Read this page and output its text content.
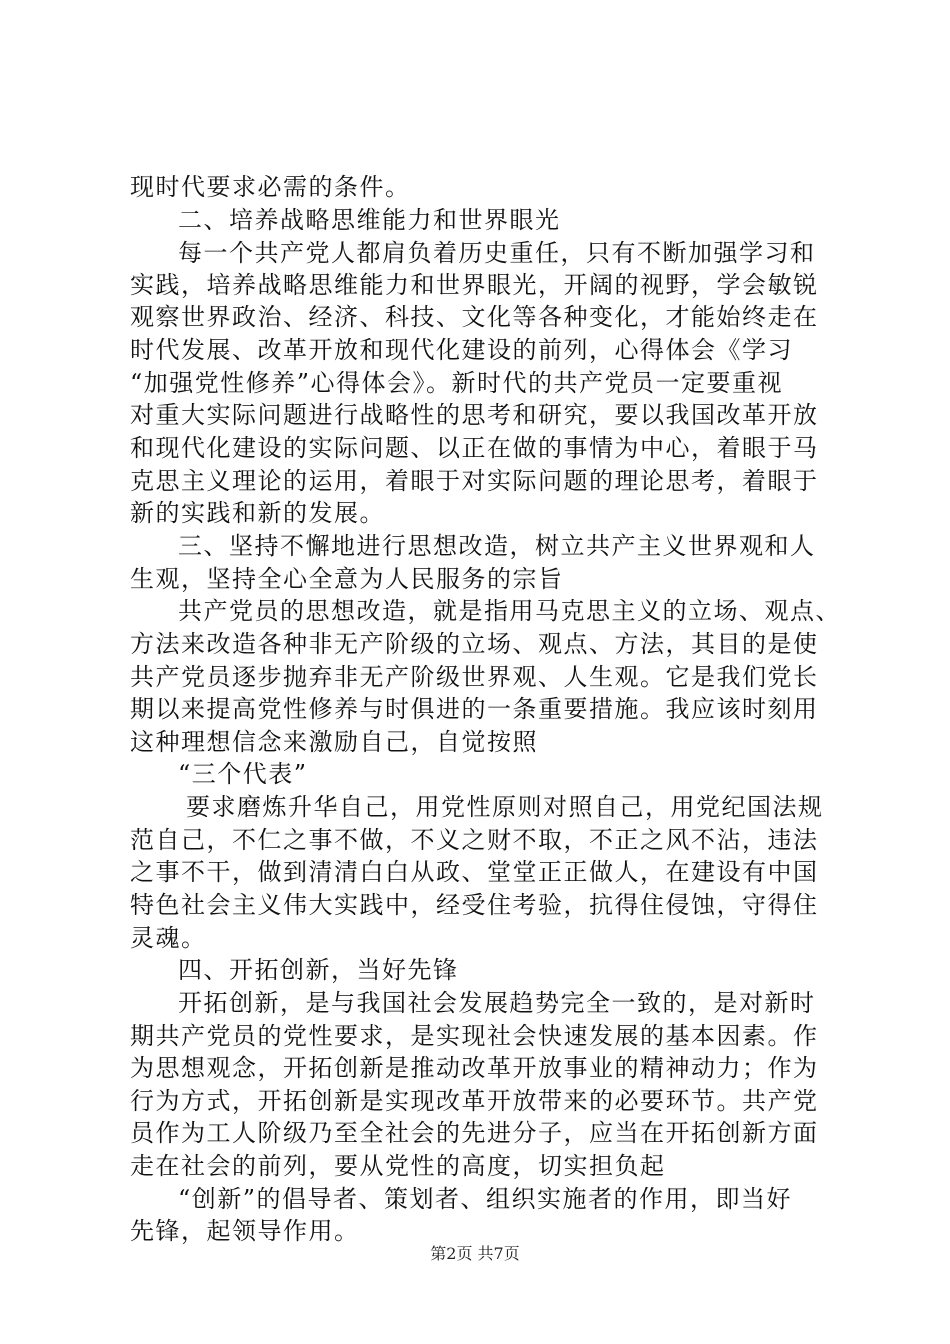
现时代要求必需的条件。
二、培养战略思维能力和世界眼光
每一个共产党人都肩负着历史重任，只有不断加强学习和
实践，培养战略思维能力和世界眼光，开阔的视野，学会敏锐
观察世界政治、经济、科技、文化等各种变化，才能始终走在
时代发展、改革开放和现代化建设的前列，心得体会《学习
“加强党性修养”心得体会》。新时代的共产党员一定要重视
对重大实际问题进行战略性的思考和研究，要以我国改革开放
和现代化建设的实际问题、以正在做的事情为中心，着眼于马
克思主义理论的运用，着眼于对实际问题的理论思考，着眼于
新的实践和新的发展。
三、坚持不懈地进行思想改造，树立共产主义世界观和人
生观，坚持全心全意为人民服务的宗旨
共产党员的思想改造，就是指用马克思主义的立场、观点、
方法来改造各种非无产阶级的立场、观点、方法，其目的是使
共产党员逐步抛弃非无产阶级世界观、人生观。它是我们党长
期以来提高党性修养与时俱进的一条重要措施。我应该时刻用
这种理想信念来激励自己，自觉按照
“三个代表”
要求磨炼升华自己，用党性原则对照自己，用党纪国法规
范自己，不仁之事不做，不义之财不取，不正之风不沾，违法
之事不干，做到清清白白从政、堂堂正正做人，在建设有中国
特色社会主义伟大实践中，经受住考验，抗得住侵蚀，守得住
灵魂。
四、开拓创新，当好先锋
开拓创新，是与我国社会发展趋势完全一致的，是对新时
期共产党员的党性要求，是实现社会快速发展的基本因素。作
为思想观念，开拓创新是推动改革开放事业的精神动力；作为
行为方式，开拓创新是实现改革开放带来的必要环节。共产党
员作为工人阶级乃至全社会的先进分子，应当在开拓创新方面
走在社会的前列，要从党性的高度，切实担负起
“创新”的倡导者、策划者、组织实施者的作用，即当好
先锋，起领导作用。
第2页 共7页
